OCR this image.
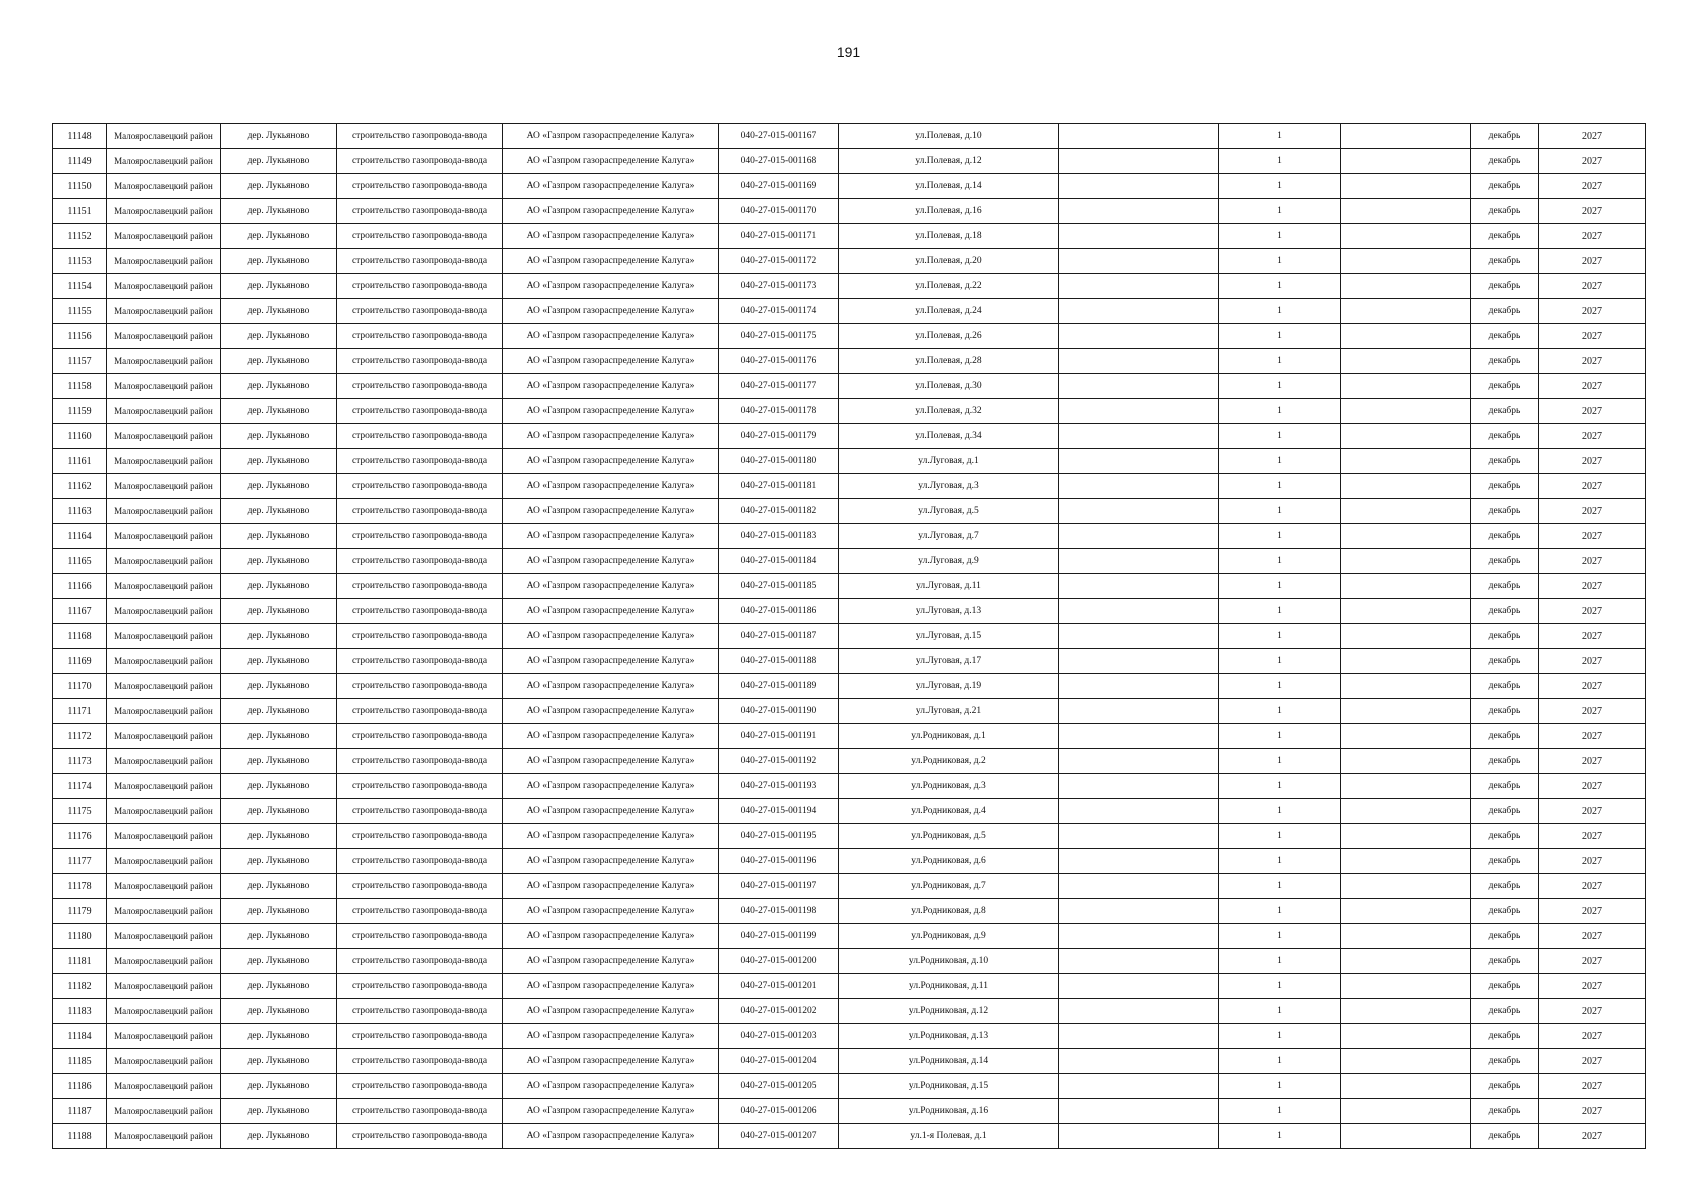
191
11148	Малоярославецкий район	дер. Лукьяново	строительство газопровода-ввода	АО «Газпром газораспределение Калуга»	040-27-015-001167	ул.Полевая, д.10		1		декабрь	2027
11149	Малоярославецкий район	дер. Лукьяново	строительство газопровода-ввода	АО «Газпром газораспределение Калуга»	040-27-015-001168	ул.Полевая, д.12		1		декабрь	2027
11150	Малоярославецкий район	дер. Лукьяново	строительство газопровода-ввода	АО «Газпром газораспределение Калуга»	040-27-015-001169	ул.Полевая, д.14		1		декабрь	2027
11151	Малоярославецкий район	дер. Лукьяново	строительство газопровода-ввода	АО «Газпром газораспределение Калуга»	040-27-015-001170	ул.Полевая, д.16		1		декабрь	2027
11152	Малоярославецкий район	дер. Лукьяново	строительство газопровода-ввода	АО «Газпром газораспределение Калуга»	040-27-015-001171	ул.Полевая, д.18		1		декабрь	2027
11153	Малоярославецкий район	дер. Лукьяново	строительство газопровода-ввода	АО «Газпром газораспределение Калуга»	040-27-015-001172	ул.Полевая, д.20		1		декабрь	2027
11154	Малоярославецкий район	дер. Лукьяново	строительство газопровода-ввода	АО «Газпром газораспределение Калуга»	040-27-015-001173	ул.Полевая, д.22		1		декабрь	2027
11155	Малоярославецкий район	дер. Лукьяново	строительство газопровода-ввода	АО «Газпром газораспределение Калуга»	040-27-015-001174	ул.Полевая, д.24		1		декабрь	2027
11156	Малоярославецкий район	дер. Лукьяново	строительство газопровода-ввода	АО «Газпром газораспределение Калуга»	040-27-015-001175	ул.Полевая, д.26		1		декабрь	2027
11157	Малоярославецкий район	дер. Лукьяново	строительство газопровода-ввода	АО «Газпром газораспределение Калуга»	040-27-015-001176	ул.Полевая, д.28		1		декабрь	2027
11158	Малоярославецкий район	дер. Лукьяново	строительство газопровода-ввода	АО «Газпром газораспределение Калуга»	040-27-015-001177	ул.Полевая, д.30		1		декабрь	2027
11159	Малоярославецкий район	дер. Лукьяново	строительство газопровода-ввода	АО «Газпром газораспределение Калуга»	040-27-015-001178	ул.Полевая, д.32		1		декабрь	2027
11160	Малоярославецкий район	дер. Лукьяново	строительство газопровода-ввода	АО «Газпром газораспределение Калуга»	040-27-015-001179	ул.Полевая, д.34		1		декабрь	2027
11161	Малоярославецкий район	дер. Лукьяново	строительство газопровода-ввода	АО «Газпром газораспределение Калуга»	040-27-015-001180	ул.Луговая, д.1		1		декабрь	2027
11162	Малоярославецкий район	дер. Лукьяново	строительство газопровода-ввода	АО «Газпром газораспределение Калуга»	040-27-015-001181	ул.Луговая, д.3		1		декабрь	2027
11163	Малоярославецкий район	дер. Лукьяново	строительство газопровода-ввода	АО «Газпром газораспределение Калуга»	040-27-015-001182	ул.Луговая, д.5		1		декабрь	2027
11164	Малоярославецкий район	дер. Лукьяново	строительство газопровода-ввода	АО «Газпром газораспределение Калуга»	040-27-015-001183	ул.Луговая, д.7		1		декабрь	2027
11165	Малоярославецкий район	дер. Лукьяново	строительство газопровода-ввода	АО «Газпром газораспределение Калуга»	040-27-015-001184	ул.Луговая, д.9		1		декабрь	2027
11166	Малоярославецкий район	дер. Лукьяново	строительство газопровода-ввода	АО «Газпром газораспределение Калуга»	040-27-015-001185	ул.Луговая, д.11		1		декабрь	2027
11167	Малоярославецкий район	дер. Лукьяново	строительство газопровода-ввода	АО «Газпром газораспределение Калуга»	040-27-015-001186	ул.Луговая, д.13		1		декабрь	2027
11168	Малоярославецкий район	дер. Лукьяново	строительство газопровода-ввода	АО «Газпром газораспределение Калуга»	040-27-015-001187	ул.Луговая, д.15		1		декабрь	2027
11169	Малоярославецкий район	дер. Лукьяново	строительство газопровода-ввода	АО «Газпром газораспределение Калуга»	040-27-015-001188	ул.Луговая, д.17		1		декабрь	2027
11170	Малоярославецкий район	дер. Лукьяново	строительство газопровода-ввода	АО «Газпром газораспределение Калуга»	040-27-015-001189	ул.Луговая, д.19		1		декабрь	2027
11171	Малоярославецкий район	дер. Лукьяново	строительство газопровода-ввода	АО «Газпром газораспределение Калуга»	040-27-015-001190	ул.Луговая, д.21		1		декабрь	2027
11172	Малоярославецкий район	дер. Лукьяново	строительство газопровода-ввода	АО «Газпром газораспределение Калуга»	040-27-015-001191	ул.Родниковая, д.1		1		декабрь	2027
11173	Малоярославецкий район	дер. Лукьяново	строительство газопровода-ввода	АО «Газпром газораспределение Калуга»	040-27-015-001192	ул.Родниковая, д.2		1		декабрь	2027
11174	Малоярославецкий район	дер. Лукьяново	строительство газопровода-ввода	АО «Газпром газораспределение Калуга»	040-27-015-001193	ул.Родниковая, д.3		1		декабрь	2027
11175	Малоярославецкий район	дер. Лукьяново	строительство газопровода-ввода	АО «Газпром газораспределение Калуга»	040-27-015-001194	ул.Родниковая, д.4		1		декабрь	2027
11176	Малоярославецкий район	дер. Лукьяново	строительство газопровода-ввода	АО «Газпром газораспределение Калуга»	040-27-015-001195	ул.Родниковая, д.5		1		декабрь	2027
11177	Малоярославецкий район	дер. Лукьяново	строительство газопровода-ввода	АО «Газпром газораспределение Калуга»	040-27-015-001196	ул.Родниковая, д.6		1		декабрь	2027
11178	Малоярославецкий район	дер. Лукьяново	строительство газопровода-ввода	АО «Газпром газораспределение Калуга»	040-27-015-001197	ул.Родниковая, д.7		1		декабрь	2027
11179	Малоярославецкий район	дер. Лукьяново	строительство газопровода-ввода	АО «Газпром газораспределение Калуга»	040-27-015-001198	ул.Родниковая, д.8		1		декабрь	2027
11180	Малоярославецкий район	дер. Лукьяново	строительство газопровода-ввода	АО «Газпром газораспределение Калуга»	040-27-015-001199	ул.Родниковая, д.9		1		декабрь	2027
11181	Малоярославецкий район	дер. Лукьяново	строительство газопровода-ввода	АО «Газпром газораспределение Калуга»	040-27-015-001200	ул.Родниковая, д.10		1		декабрь	2027
11182	Малоярославецкий район	дер. Лукьяново	строительство газопровода-ввода	АО «Газпром газораспределение Калуга»	040-27-015-001201	ул.Родниковая, д.11		1		декабрь	2027
11183	Малоярославецкий район	дер. Лукьяново	строительство газопровода-ввода	АО «Газпром газораспределение Калуга»	040-27-015-001202	ул.Родниковая, д.12		1		декабрь	2027
11184	Малоярославецкий район	дер. Лукьяново	строительство газопровода-ввода	АО «Газпром газораспределение Калуга»	040-27-015-001203	ул.Родниковая, д.13		1		декабрь	2027
11185	Малоярославецкий район	дер. Лукьяново	строительство газопровода-ввода	АО «Газпром газораспределение Калуга»	040-27-015-001204	ул.Родниковая, д.14		1		декабрь	2027
11186	Малоярославецкий район	дер. Лукьяново	строительство газопровода-ввода	АО «Газпром газораспределение Калуга»	040-27-015-001205	ул.Родниковая, д.15		1		декабрь	2027
11187	Малоярославецкий район	дер. Лукьяново	строительство газопровода-ввода	АО «Газпром газораспределение Калуга»	040-27-015-001206	ул.Родниковая, д.16		1		декабрь	2027
11188	Малоярославецкий район	дер. Лукьяново	строительство газопровода-ввода	АО «Газпром газораспределение Калуга»	040-27-015-001207	ул.1-я Полевая, д.1		1		декабрь	2027
